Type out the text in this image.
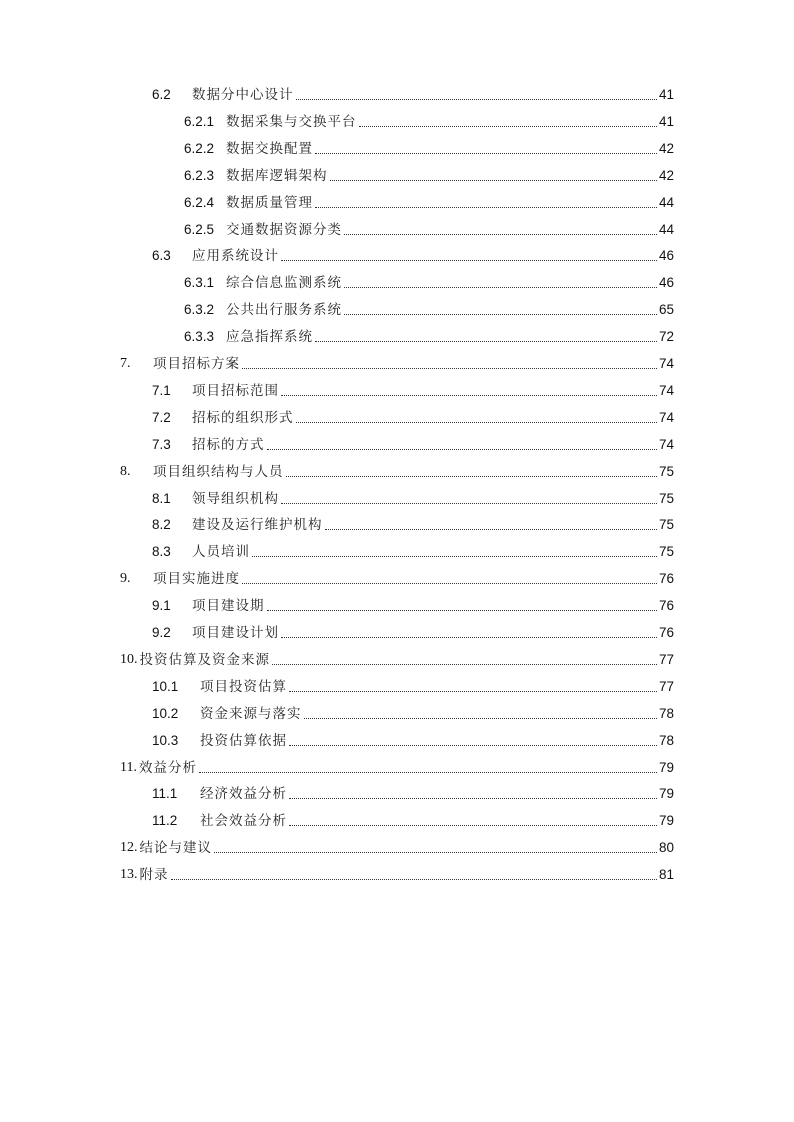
6.2	数据分中心设计	41
6.2.1 数据采集与交换平台	41
6.2.2 数据交换配置	42
6.2.3 数据库逻辑架构	42
6.2.4 数据质量管理	44
6.2.5 交通数据资源分类	44
6.3	应用系统设计	46
6.3.1 综合信息监测系统	46
6.3.2 公共出行服务系统	65
6.3.3 应急指挥系统	72
7.	项目招标方案	74
7.1	项目招标范围	74
7.2	招标的组织形式	74
7.3	招标的方式	74
8.	项目组织结构与人员	75
8.1	领导组织机构	75
8.2	建设及运行维护机构	75
8.3	人员培训	75
9.	项目实施进度	76
9.1	项目建设期	76
9.2	项目建设计划	76
10. 投资估算及资金来源	77
10.1	项目投资估算	77
10.2	资金来源与落实	78
10.3	投资估算依据	78
11. 效益分析	79
11.1	经济效益分析	79
11.2	社会效益分析	79
12. 结论与建议	80
13. 附录	81
